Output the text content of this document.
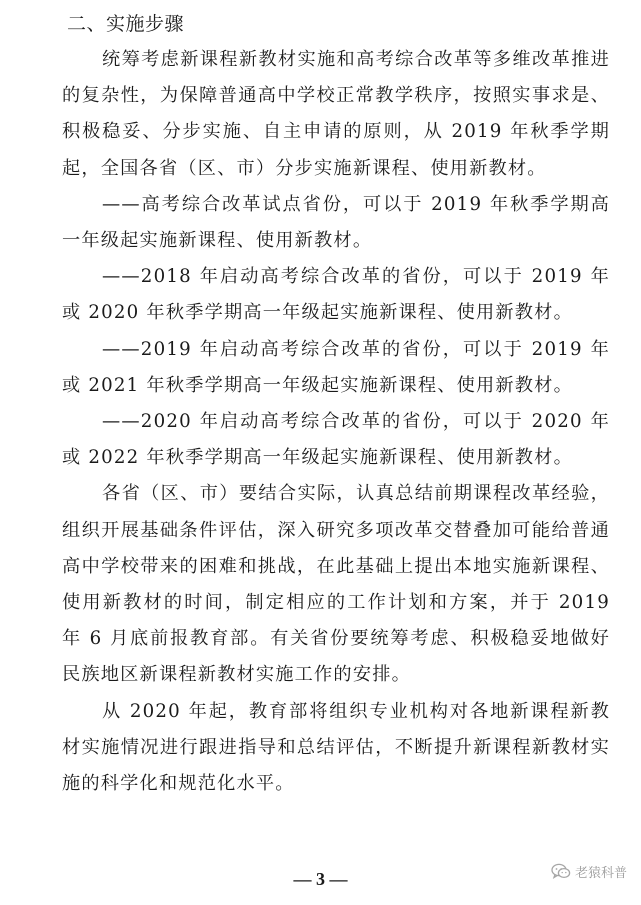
二、实施步骤

统筹考虑新课程新教材实施和高考综合改革等多维改革推进的复杂性，为保障普通高中学校正常教学秩序，按照实事求是、积极稳妥、分步实施、自主申请的原则，从 2019 年秋季学期起，全国各省（区、市）分步实施新课程、使用新教材。

——高考综合改革试点省份，可以于 2019 年秋季学期高一年级起实施新课程、使用新教材。

——2018 年启动高考综合改革的省份，可以于 2019 年或 2020 年秋季学期高一年级起实施新课程、使用新教材。

——2019 年启动高考综合改革的省份，可以于 2019 年或 2021 年秋季学期高一年级起实施新课程、使用新教材。

——2020 年启动高考综合改革的省份，可以于 2020 年或 2022 年秋季学期高一年级起实施新课程、使用新教材。

各省（区、市）要结合实际，认真总结前期课程改革经验，组织开展基础条件评估，深入研究多项改革交替叠加可能给普通高中学校带来的困难和挑战，在此基础上提出本地实施新课程、使用新教材的时间，制定相应的工作计划和方案，并于 2019 年 6 月底前报教育部。有关省份要统筹考虑、积极稳妥地做好民族地区新课程新教材实施工作的安排。

从 2020 年起，教育部将组织专业机构对各地新课程新教材实施情况进行跟进指导和总结评估，不断提升新课程新教材实施的科学化和规范化水平。

老猿科普
— 3 —
